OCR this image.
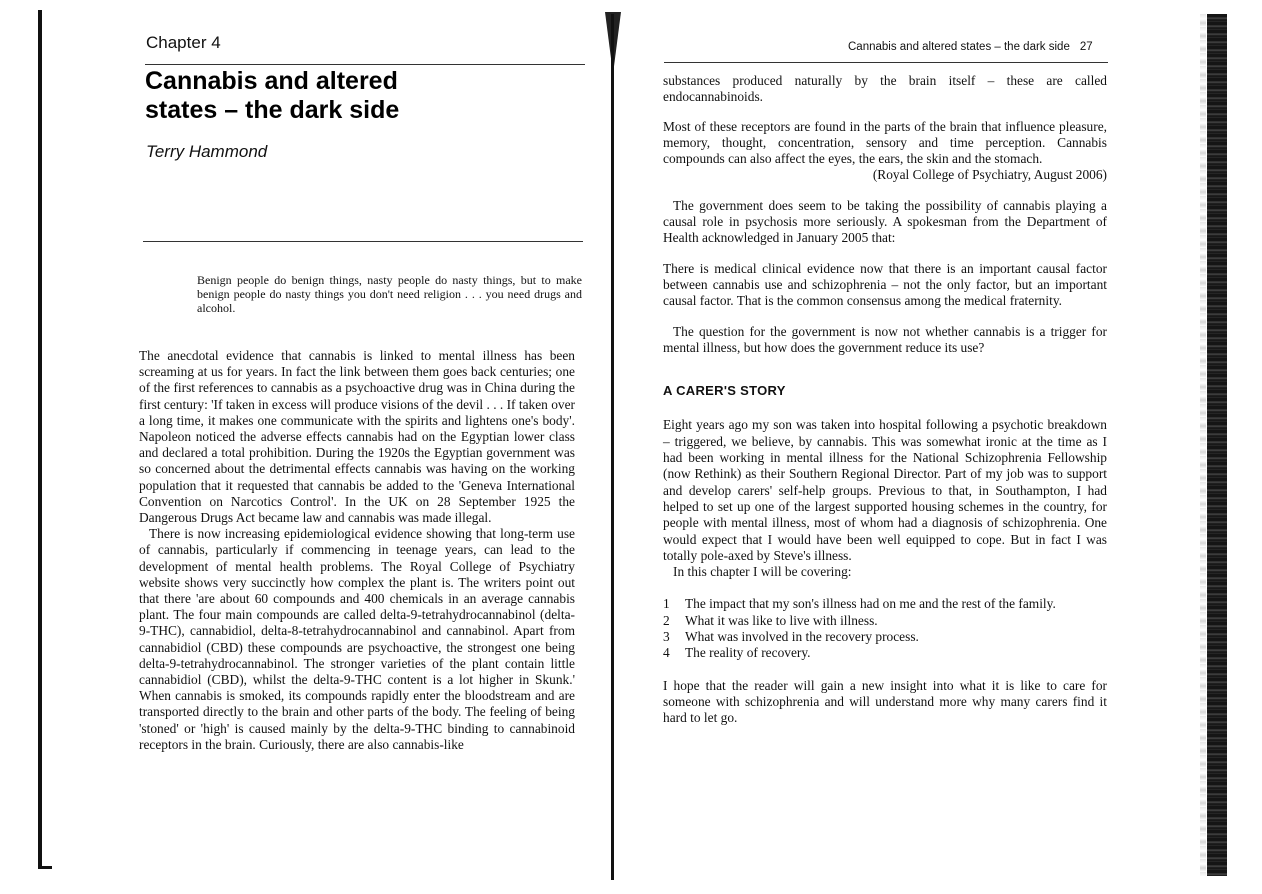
Chapter 4
Cannabis and altered
states – the dark side
Terry Hammond
Benign people do benign things, nasty people do nasty things, but to make benign people do nasty things you don't need religion . . . you need drugs and alcohol.

The anecdotal evidence that cannabis is linked to mental illness has been screaming at us for years. In fact the link between them goes back centuries; one of the first references to cannabis as a psychoactive drug was in China during the first century: 'If taken in excess will produce visions of the devil . . . If taken over a long time, it makes one communicate with the spirits and lightens one's body'. Napoleon noticed the adverse effects cannabis had on the Egyptian lower class and declared a total prohibition. During the 1920s the Egyptian government was so concerned about the detrimental effects cannabis was having on the working population that it requested that cannabis be added to the 'Geneva International Convention on Narcotics Control'. In the UK on 28 September 1925 the Dangerous Drugs Act became law and cannabis was made illegal.

There is now increasing epidemiological evidence showing that long-term use of cannabis, particularly if commencing in teenage years, can lead to the development of mental health problems. The Royal College of Psychiatry website shows very succinctly how complex the plant is. The writers point out that there 'are about 60 compounds and 400 chemicals in an average cannabis plant. The four main compounds are called delta-9-tetrahydrocannabinol (delta-9-THC), cannabidiol, delta-8-tetrahydrocannabinol and cannabinol. Apart from cannabidiol (CBD) these compounds are psychoactive, the strongest one being delta-9-tetrahydrocannabinol. The stronger varieties of the plant contain little cannabidiol (CBD), whilst the delta-9-THC content is a lot higher in Skunk.' When cannabis is smoked, its compounds rapidly enter the bloodstream and are transported directly to the brain and other parts of the body. The feeling of being 'stoned' or 'high' is caused mainly by the delta-9-THC binding to cannabinoid receptors in the brain. Curiously, there are also cannabis-like

Cannabis and altered states – the dark side 27

substances produced naturally by the brain itself – these are called endocannabinoids.

Most of these receptors are found in the parts of the brain that influence pleasure, memory, thought, concentration, sensory and time perception. Cannabis compounds can also affect the eyes, the ears, the skin and the stomach.

(Royal College of Psychiatry, August 2006)

The government does seem to be taking the possibility of cannabis playing a causal role in psychosis more seriously. A spokesman from the Department of Health acknowledged in January 2005 that:

There is medical clinical evidence now that there is an important causal factor between cannabis use and schizophrenia – not the only factor, but an important causal factor. That is the common consensus among the medical fraternity.

The question for the government is now not whether cannabis is a trigger for mental illness, but how does the government reduce its use?

A CARER'S STORY

Eight years ago my son was taken into hospital following a psychotic breakdown – triggered, we believe, by cannabis. This was somewhat ironic at the time as I had been working in mental illness for the National Schizophrenia Fellowship (now Rethink) as their Southern Regional Director. Part of my job was to support and develop carers' self-help groups. Previous to that, in Southampton, I had helped to set up one of the largest supported housing schemes in the country, for people with mental illness, most of whom had a diagnosis of schizophrenia. One would expect that I would have been well equipped to cope. But in fact I was totally pole-axed by Steve's illness.

In this chapter I will be covering:

1	The impact that my son's illness had on me and the rest of the family.
2	What it was like to live with illness.
3	What was involved in the recovery process.
4	The reality of recovery.

I hope that the reader will gain a new insight into what it is like to care for someone with schizophrenia and will understand more why many carers find it hard to let go.
